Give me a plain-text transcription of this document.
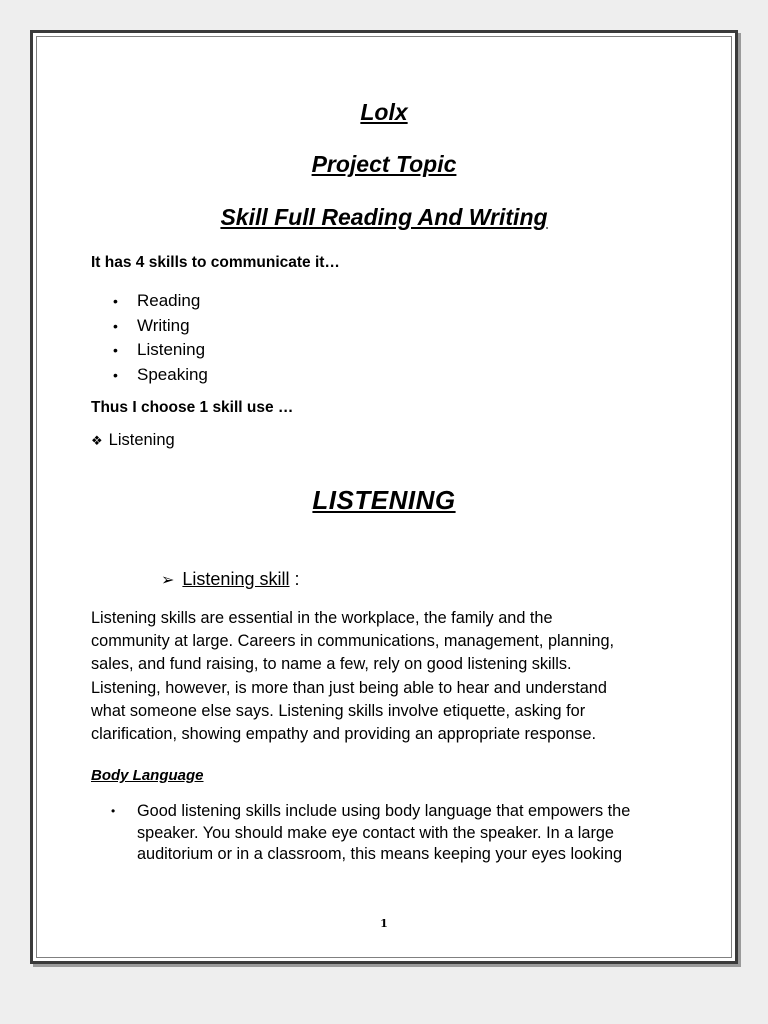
Lolx
Project Topic
Skill Full Reading And Writing
It has 4 skills to communicate it…
• Reading
• Writing
• Listening
• Speaking
Thus I choose 1 skill use …
❖ Listening
LISTENING
➢ Listening skill :
Listening skills are essential in the workplace, the family and the
community at large. Careers in communications, management, planning,
sales, and fund raising, to name a few, rely on good listening skills.
Listening, however, is more than just being able to hear and understand
what someone else says. Listening skills involve etiquette, asking for
clarification, showing empathy and providing an appropriate response.
Body Language
• Good listening skills include using body language that empowers the
speaker. You should make eye contact with the speaker. In a large
auditorium or in a classroom, this means keeping your eyes looking
1
